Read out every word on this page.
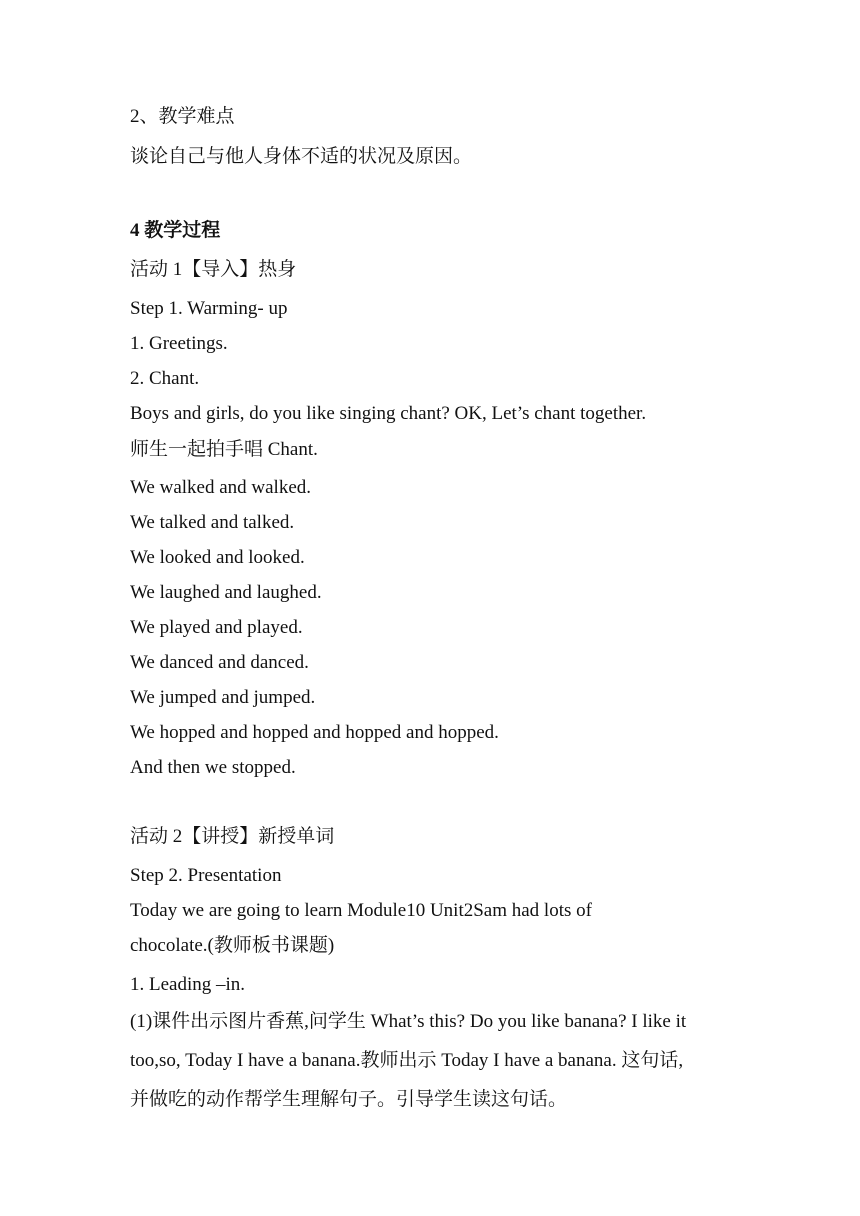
2、教学难点
谈论自己与他人身体不适的状况及原因。
4 教学过程
活动 1【导入】热身
Step 1. Warming- up
1. Greetings.
2. Chant.
Boys and girls, do you like singing chant? OK, Let’s chant together.
师生一起拍手唱 Chant.
We walked and walked.
We talked and talked.
We looked and looked.
We laughed and laughed.
We played and played.
We danced and danced.
We jumped and jumped.
We hopped and hopped and hopped and hopped.
And then we stopped.
活动 2【讲授】新授单词
Step 2. Presentation
Today we are going to learn Module10 Unit2Sam had lots of
chocolate.(教师板书课题)
1. Leading –in.
(1)课件出示图片香蕉,问学生 What’s this? Do you like banana? I like it
too,so, Today I have a banana.教师出示 Today I have a banana. 这句话,
并做吃的动作帮学生理解句子。引导学生读这句话。
